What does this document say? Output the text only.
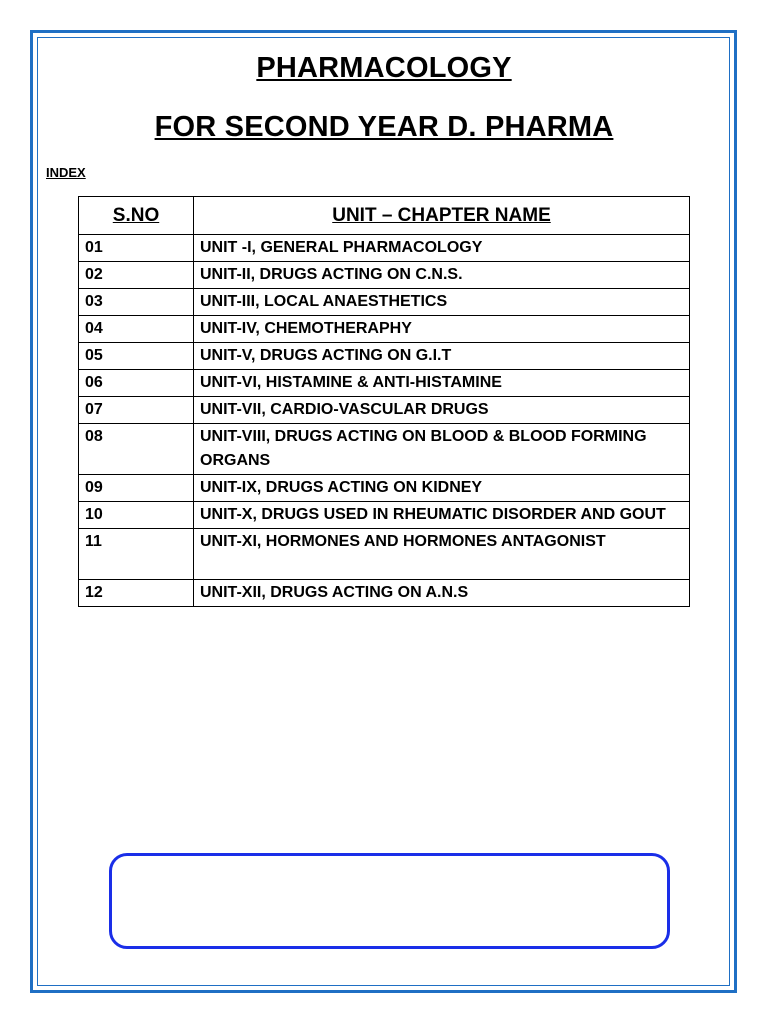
PHARMACOLOGY
FOR SECOND YEAR D. PHARMA
INDEX
S.NO	UNIT – CHAPTER NAME
01	UNIT -I, GENERAL PHARMACOLOGY
02	UNIT-II, DRUGS ACTING ON C.N.S.
03	UNIT-III, LOCAL ANAESTHETICS
04	UNIT-IV, CHEMOTHERAPHY
05	UNIT-V, DRUGS ACTING ON G.I.T
06	UNIT-VI, HISTAMINE & ANTI-HISTAMINE
07	UNIT-VII, CARDIO-VASCULAR DRUGS
08	UNIT-VIII, DRUGS ACTING ON BLOOD & BLOOD FORMING ORGANS
09	UNIT-IX, DRUGS ACTING ON KIDNEY
10	UNIT-X, DRUGS USED IN RHEUMATIC DISORDER AND GOUT
11	UNIT-XI, HORMONES AND HORMONES ANTAGONIST
12	UNIT-XII, DRUGS ACTING ON A.N.S
